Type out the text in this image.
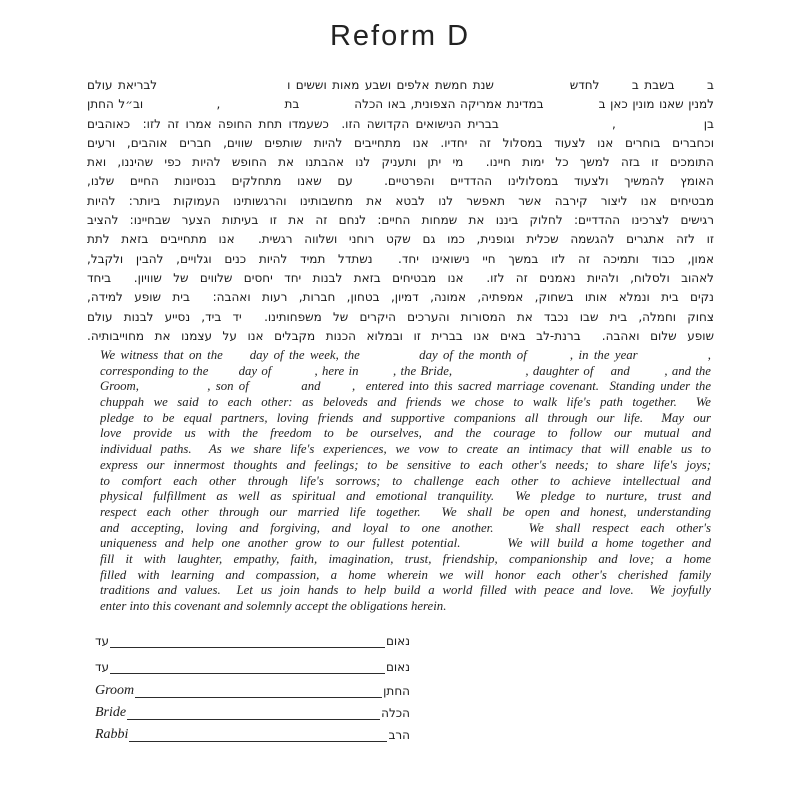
Reform D
ב      בשבת ב      לחדש              שנת חמשת אלפים ושבע מאות וששים ו                        לבריאת עולם
למנין שאנו מונין כאן ב            במדינת אמריקה הצפונית, באו הכלה            בת              ,                וב״ל החתן
בן              ,                  בברית הנישואים הקדושה הזו.  כשעמדו תחת החופה אמרו זה לזו:  כאוהבים
וכחברים בוחרים אנו לצעוד במסלול זה יחדיו. אנו מתחייבים להיות שותפים שווים, חברים אוהבים, ורעים
התומכים זו בזה למשך כל ימות חיינו.  מי יתן ותעניק לנו אהבתנו את החופש להיות כפי שהיננו, ואת
האומץ להמשיך ולצעוד במסלולינו ההדדיים והפרטיים.  עם שאנו מתחלקים בנסיונות החיים שלנו,
מבטיחים אנו ליצור קירבה אשר תאפשר לנו לבטא את מחשבותינו והרגשותינו העמוקות ביותר: להיות
רגישים לצרכינו ההדדיים: לחלוק ביננו את שמחות החיים: לנחם זה את זו בעיתות הצער שבחיינו: להציב
זו לזה אתגרים להגשמה שכלית וגופנית, כמו גם שקט רוחני ושלווה רגשית.  אנו מתחייבים בזאת לתת
אמון, כבוד ותמיכה זה לזו במשך חיי נישואינו יחד.  נשתדל תמיד להיות כנים וגלויים, להבין ולקבל,
לאהוב ולסלוח, ולהיות נאמנים זה לזו.  אנו מבטיחים בזאת לבנות יחד יחסים שלווים של שוויון.  ביחד
נקים בית ונמלא אותו בשחוק, אמפתיה, אמונה, דמיון, בטחון, חברות, רעות ואהבה:  בית שופע למידה,
צחוק וחמלה, בית שבו נכבד את המסורות והערכים היקרים של משפחותינו.  יד ביד, נסייע לבנות עולם
שופע שלום ואהבה.  ברנת-לב באים אנו בברית זו ובמלוא הכנות מקבלים אנו על עצמנו את מחוייבותיה.
We witness that on the     day of the week, the           day of the month of        , in the year             ,
corresponding to the       day of          , here in        , the Bride,                 , daughter of    and        , and the
Groom,             , son of          and      ,  entered into this sacred marriage covenant.  Standing under the
chuppah we said to each other: as beloveds and friends we chose to walk life's path together.  We
pledge to be equal partners, loving friends and supportive companions all through our life.  May our
love provide us with the freedom to be ourselves, and the courage to follow our mutual and
individual paths.  As we share life's experiences, we vow to create an intimacy that will enable us to
express our innermost thoughts and feelings; to be sensitive to each other's needs; to share life's joys;
to comfort each other through life's sorrows; to challenge each other to achieve intellectual and
physical fulfillment as well as spiritual and emotional tranquility.  We pledge to nurture, trust and
respect each other through our married life together.  We shall be open and honest, understanding
and accepting, loving and forgiving, and loyal to one another.   We shall respect each other's
uniqueness and help one another grow to our fullest potential.      We will build a home together and
fill it with laughter, empathy, faith, imagination, trust, friendship, companionship and love; a home
filled with learning and compassion, a home wherein we will honor each other's cherished family
traditions and values.  Let us join hands to help build a world filled with peace and love.  We joyfully
enter into this covenant and solemnly accept the obligations herein.
עד	נאום
עד	נאום
Groom	החתן
Bride	הכלה
Rabbi	הרב
